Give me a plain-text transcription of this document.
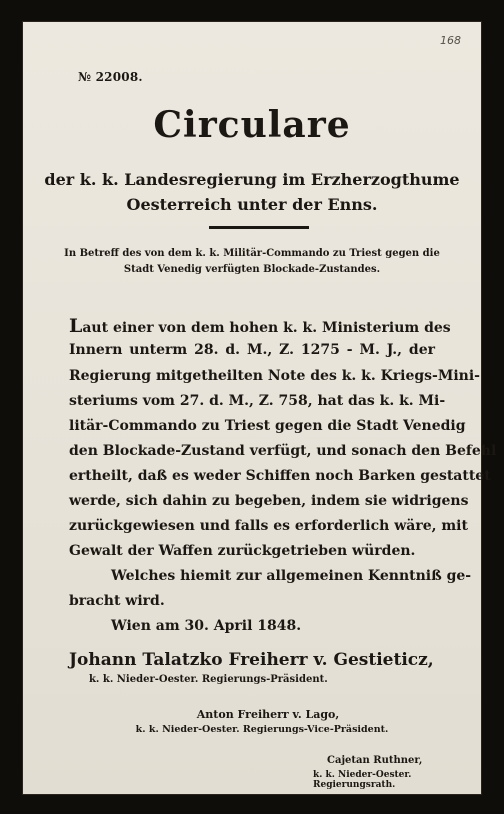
168
№ 22008.
Circulare
der k. k. Landesregierung im Erzherzogthume
Oesterreich unter der Enns.
In Betreff des von dem k. k. Militär-Commando zu Triest gegen die
Stadt Venedig verfügten Blockade-Zustandes.
Laut einer von dem hohen k. k. Ministerium des
Innern unterm 28. d. M., Z. 1275 - M. J., der
Regierung mitgetheilten Note des k. k. Kriegs-Mini-
steriums vom 27. d. M., Z. 758, hat das k. k. Mi-
litär-Commando zu Triest gegen die Stadt Venedig
den Blockade-Zustand verfügt, und sonach den Befehl
ertheilt, daß es weder Schiffen noch Barken gestattet
werde, sich dahin zu begeben, indem sie widrigens
zurückgewiesen und falls es erforderlich wäre, mit
Gewalt der Waffen zurückgetrieben würden.
Welches hiemit zur allgemeinen Kenntniß ge-
bracht wird.
Wien am 30. April 1848.
Johann Talatzko Freiherr v. Gestieticz,
k. k. Nieder-Oester. Regierungs-Präsident.
Anton Freiherr v. Lago,
k. k. Nieder-Oester. Regierungs-Vice-Präsident.
Cajetan Ruthner,
k. k. Nieder-Oester. Regierungsrath.
